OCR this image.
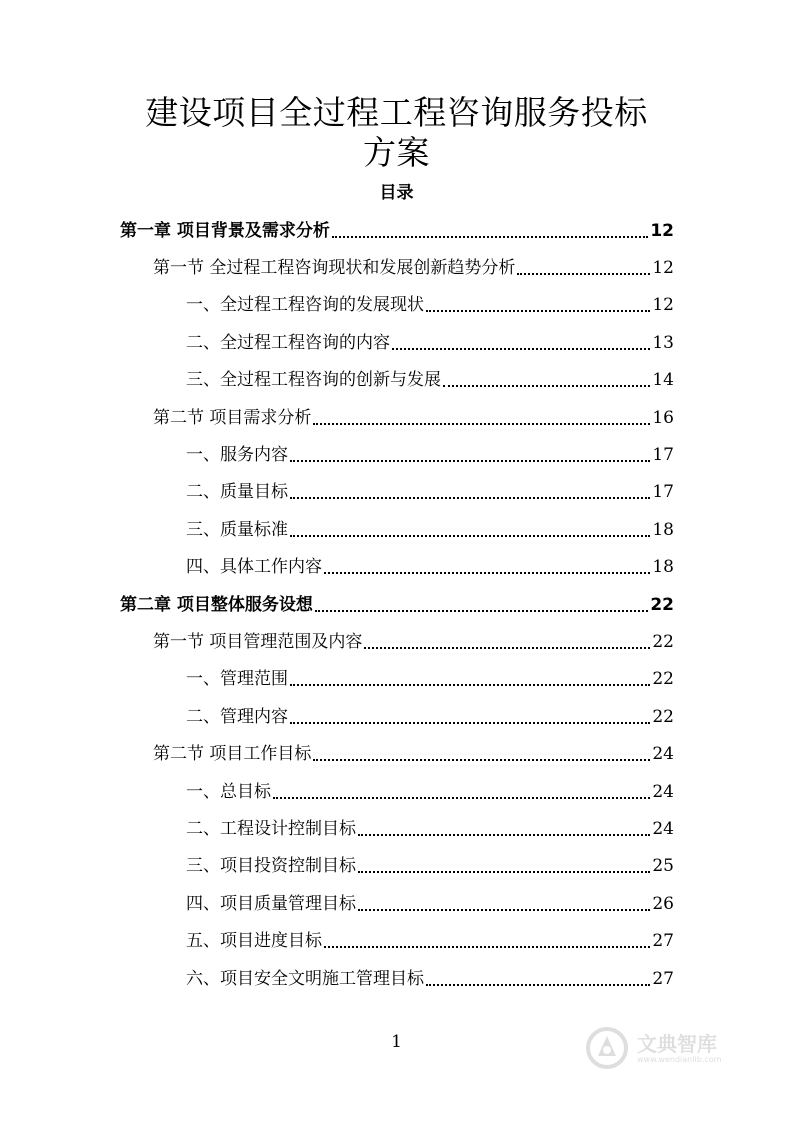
建设项目全过程工程咨询服务投标
方案
目录
第一章 项目背景及需求分析	12
第一节 全过程工程咨询现状和发展创新趋势分析	12
一、全过程工程咨询的发展现状	12
二、全过程工程咨询的内容	13
三、全过程工程咨询的创新与发展	14
第二节 项目需求分析	16
一、服务内容	17
二、质量目标	17
三、质量标准	18
四、具体工作内容	18
第二章 项目整体服务设想	22
第一节 项目管理范围及内容	22
一、管理范围	22
二、管理内容	22
第二节 项目工作目标	24
一、总目标	24
二、工程设计控制目标	24
三、项目投资控制目标	25
四、项目质量管理目标	26
五、项目进度目标	27
六、项目安全文明施工管理目标	27
1	文典智库
www.wendianlib.com
